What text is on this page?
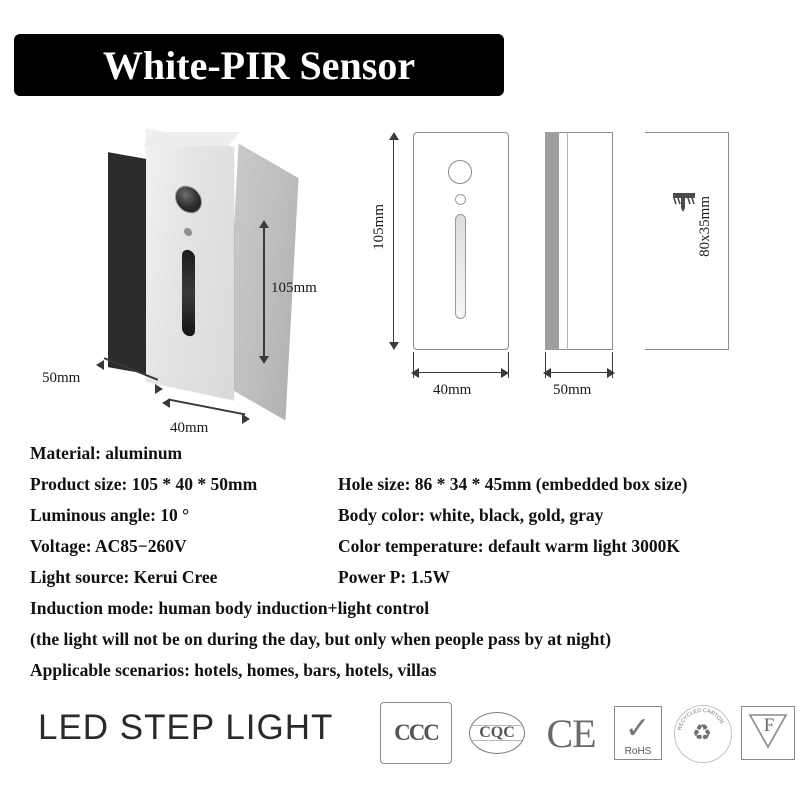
White-PIR Sensor
105mm
50mm
40mm
105mm
40mm	50mm
80x35mm
Material: aluminum
Product size: 105 * 40 * 50mm	Hole size: 86 * 34 * 45mm (embedded box size)
Luminous angle: 10 °	Body color: white, black, gold, gray
Voltage: AC85−260V	Color temperature: default warm light 3000K
Light source: Kerui Cree	Power P: 1.5W
Induction mode: human body induction+light control
(the light will not be on during the day, but only when people pass by at night)
Applicable scenarios: hotels, homes, bars, hotels, villas
LED STEP LIGHT	CCC	CQC CE ✓
RoHS
RECYCLED CARTON
♻	F
